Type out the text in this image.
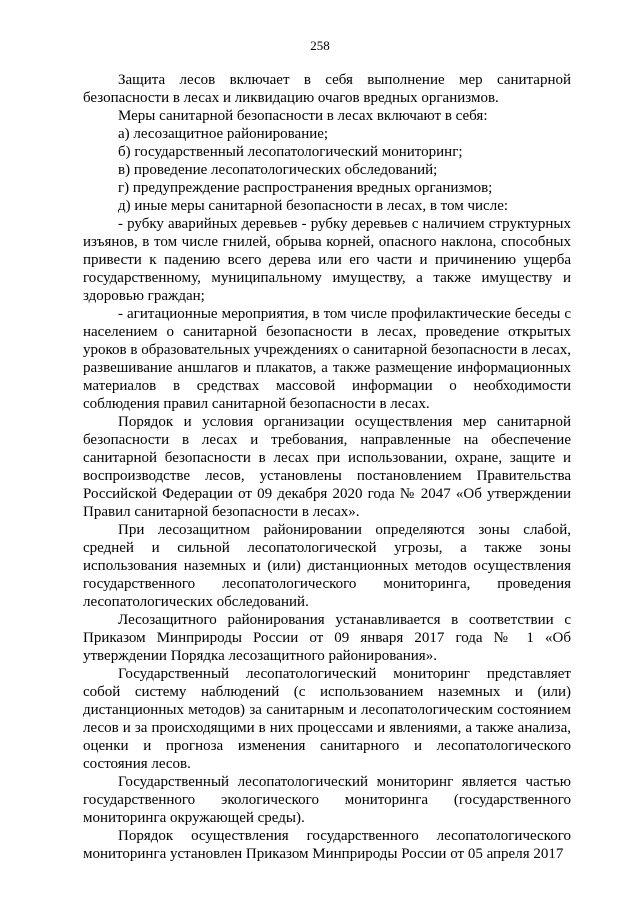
258

Защита лесов включает в себя выполнение мер санитарной безопасности в лесах и ликвидацию очагов вредных организмов.

Меры санитарной безопасности в лесах включают в себя:

а) лесозащитное районирование;

б) государственный лесопатологический мониторинг;

в) проведение лесопатологических обследований;

г) предупреждение распространения вредных организмов;

д) иные меры санитарной безопасности в лесах, в том числе:

- рубку аварийных деревьев - рубку деревьев с наличием структурных изъянов, в том числе гнилей, обрыва корней, опасного наклона, способных привести к падению всего дерева или его части и причинению ущерба государственному, муниципальному имуществу, а также имуществу и здоровью граждан;

- агитационные мероприятия, в том числе профилактические беседы с населением о санитарной безопасности в лесах, проведение открытых уроков в образовательных учреждениях о санитарной безопасности в лесах, развешивание аншлагов и плакатов, а также размещение информационных материалов в средствах массовой информации о необходимости соблюдения правил санитарной безопасности в лесах.

Порядок и условия организации осуществления мер санитарной безопасности в лесах и требования, направленные на обеспечение санитарной безопасности в лесах при использовании, охране, защите и воспроизводстве лесов, установлены постановлением Правительства Российской Федерации от 09 декабря 2020 года № 2047 «Об утверждении Правил санитарной безопасности в лесах».

При лесозащитном районировании определяются зоны слабой, средней и сильной лесопатологической угрозы, а также зоны использования наземных и (или) дистанционных методов осуществления государственного лесопатологического мониторинга, проведения лесопатологических обследований.

Лесозащитного районирования устанавливается в соответствии с Приказом Минприроды России от 09 января 2017 года № 1 «Об утверждении Порядка лесозащитного районирования».

Государственный лесопатологический мониторинг представляет собой систему наблюдений (с использованием наземных и (или) дистанционных методов) за санитарным и лесопатологическим состоянием лесов и за происходящими в них процессами и явлениями, а также анализа, оценки и прогноза изменения санитарного и лесопатологического состояния лесов.

Государственный лесопатологический мониторинг является частью государственного экологического мониторинга (государственного мониторинга окружающей среды).

Порядок осуществления государственного лесопатологического мониторинга установлен Приказом Минприроды России от 05 апреля 2017
